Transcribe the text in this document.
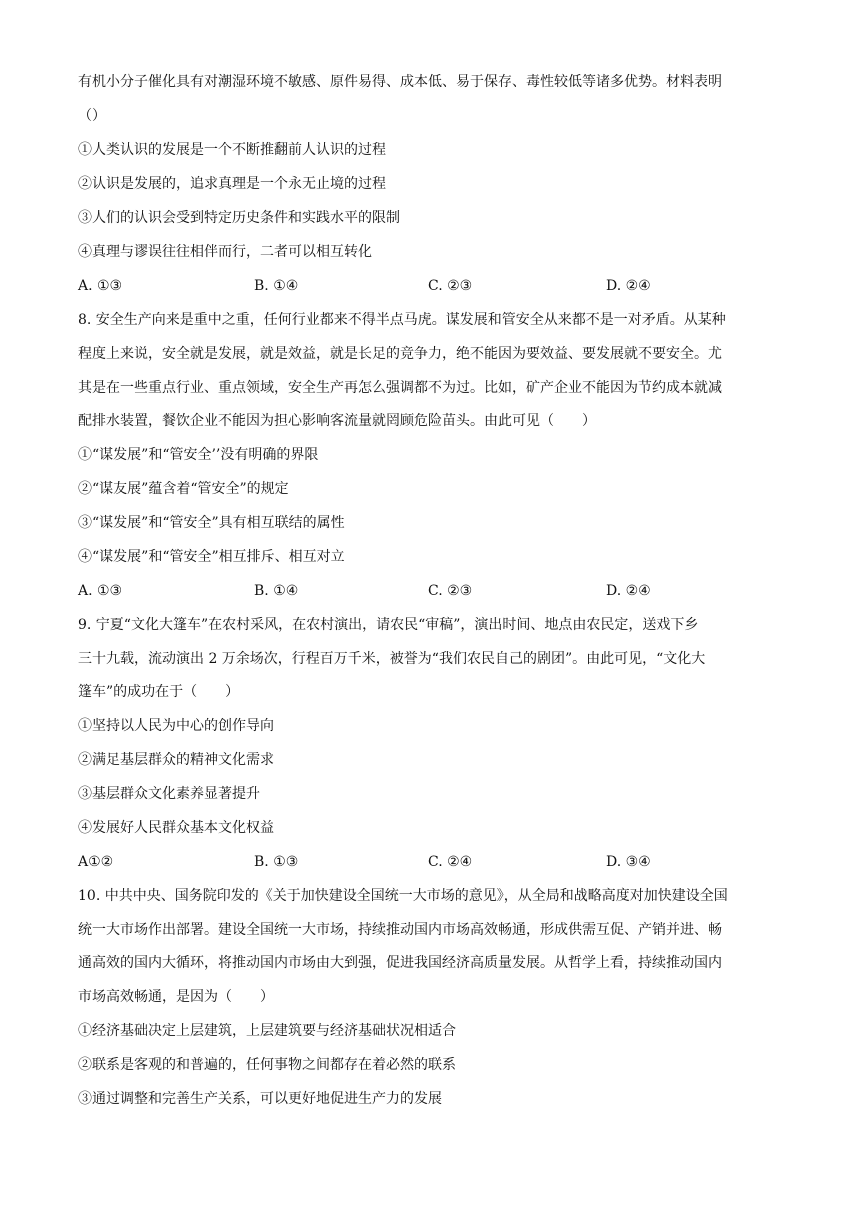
有机小分子催化具有对潮湿环境不敏感、原件易得、成本低、易于保存、毒性较低等诸多优势。材料表明
（）
①人类认识的发展是一个不断推翻前人认识的过程
②认识是发展的，追求真理是一个永无止境的过程
③人们的认识会受到特定历史条件和实践水平的限制
④真理与谬误往往相伴而行，二者可以相互转化
A. ①③	B. ①④	C. ②③	D. ②④
8. 安全生产向来是重中之重，任何行业都来不得半点马虎。谋发展和管安全从来都不是一对矛盾。从某种
程度上来说，安全就是发展，就是效益，就是长足的竞争力，绝不能因为要效益、要发展就不要安全。尤
其是在一些重点行业、重点领域，安全生产再怎么强调都不为过。比如，矿产企业不能因为节约成本就减
配排水装置，餐饮企业不能因为担心影响客流量就罔顾危险苗头。由此可见（　　）
①“谋发展”和“管安全’’没有明确的界限
②“谋友展”蕴含着“管安全”的规定
③“谋发展”和“管安全”具有相互联结的属性
④“谋发展”和“管安全”相互排斥、相互对立
A. ①③	B. ①④	C. ②③	D. ②④
9. 宁夏“文化大篷车”在农村采风，在农村演出，请农民“审稿”，演出时间、地点由农民定，送戏下乡
三十九载，流动演出 2 万余场次，行程百万千米，被誉为“我们农民自己的剧团”。由此可见，“文化大
篷车”的成功在于（　　）
①坚持以人民为中心的创作导向
②满足基层群众的精神文化需求
③基层群众文化素养显著提升
④发展好人民群众基本文化权益
A①②	B. ①③	C. ②④	D. ③④
10. 中共中央、国务院印发的《关于加快建设全国统一大市场的意见》，从全局和战略高度对加快建设全国
统一大市场作出部署。建设全国统一大市场，持续推动国内市场高效畅通，形成供需互促、产销并进、畅
通高效的国内大循环，将推动国内市场由大到强，促进我国经济高质量发展。从哲学上看，持续推动国内
市场高效畅通，是因为（　　）
①经济基础决定上层建筑，上层建筑要与经济基础状况相适合
②联系是客观的和普遍的，任何事物之间都存在着必然的联系
③通过调整和完善生产关系，可以更好地促进生产力的发展
